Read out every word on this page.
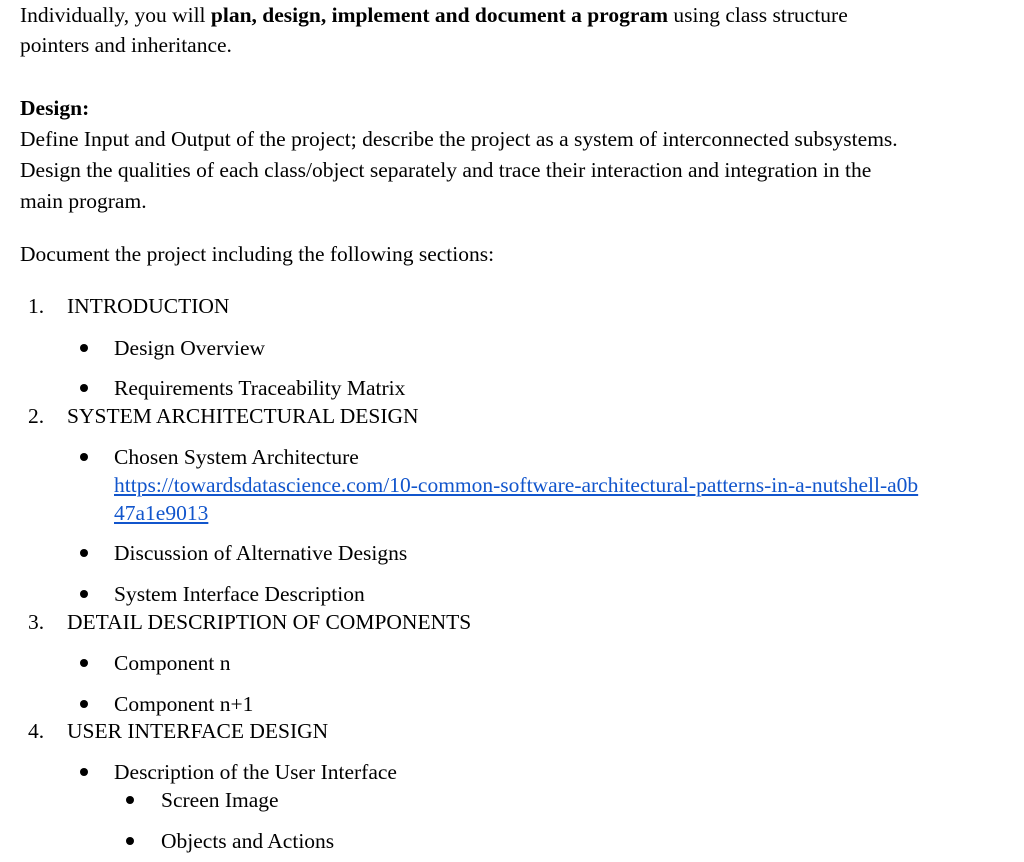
Individually, you will plan, design, implement and document a program using class structure
pointers and inheritance.
Design:
Define Input and Output of the project; describe the project as a system of interconnected subsystems.
Design the qualities of each class/object separately and trace their interaction and integration in the
main program.
Document the project including the following sections:
1. INTRODUCTION
Design Overview
Requirements Traceability Matrix
2. SYSTEM ARCHITECTURAL DESIGN
Chosen System Architecture
https://towardsdatascience.com/10-common-software-architectural-patterns-in-a-nutshell-a0b
47a1e9013
Discussion of Alternative Designs
System Interface Description
3. DETAIL DESCRIPTION OF COMPONENTS
Component n
Component n+1
4. USER INTERFACE DESIGN
Description of the User Interface
Screen Image
Objects and Actions
